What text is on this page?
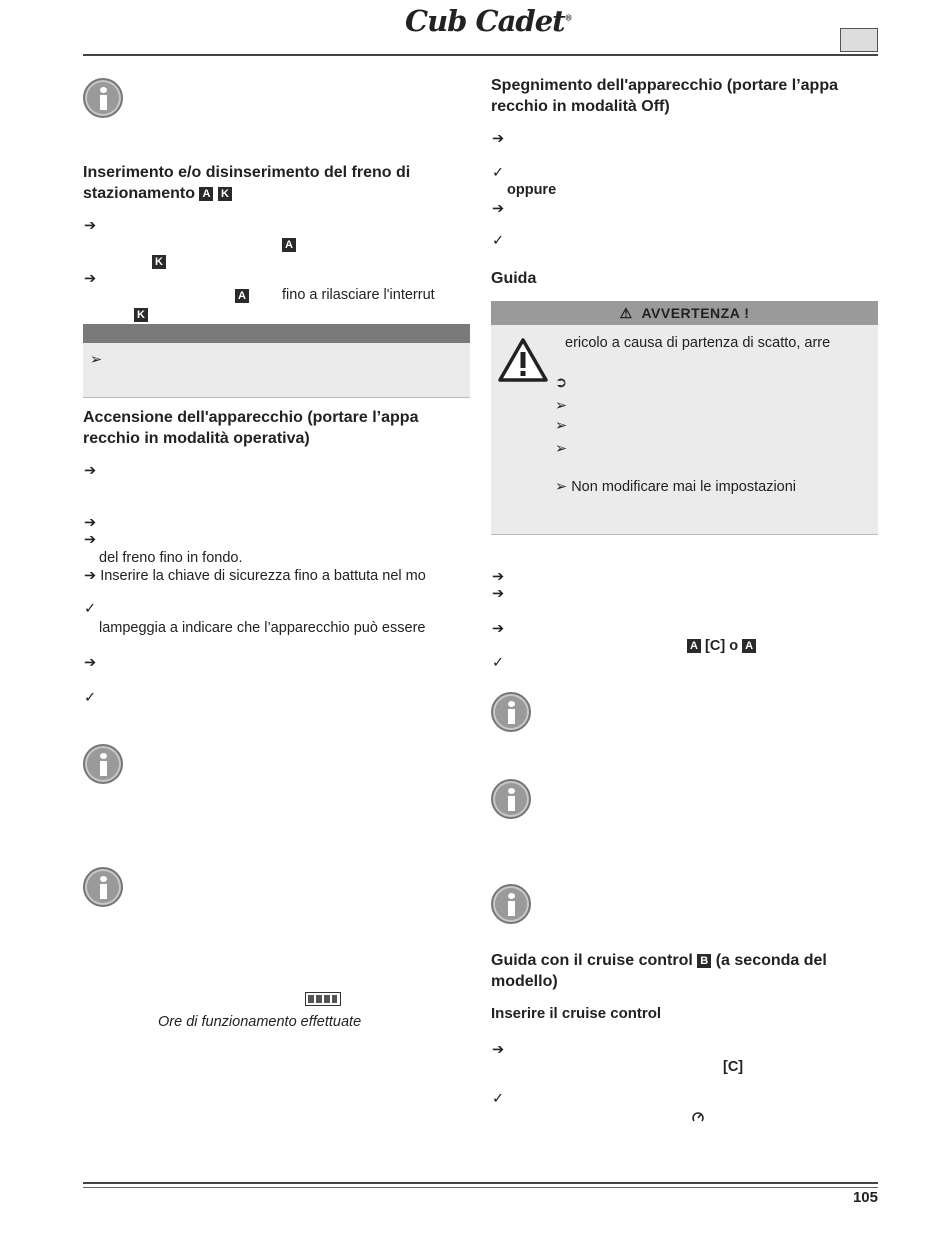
Cub Cadet®
Inserimento e/o disinserimento del freno di stazionamento A K
➔
A
K
➔
A fino a rilasciare l'interrut
K
➢
Accensione dell'apparecchio (portare l’appa recchio in modalità operativa)
➔
➔
➔
del freno fino in fondo.
➔ Inserire la chiave di sicurezza fino a battuta nel mo
✓
lampeggia a indicare che l’apparecchio può essere
➔
✓
Ore di funzionamento effettuate
Spegnimento dell'apparecchio (portare l’appa recchio in modalità Off)
➔
✓
oppure
➔
✓
Guida
⚠ AVVERTENZA !
ericolo a causa di partenza di scatto, arre
➲
➢
➢
➢
➢ Non modificare mai le impostazioni
➔
➔
➔
A [C] o A
✓
Guida con il cruise control B (a seconda del modello)
Inserire il cruise control
➔
[C]
✓
105
